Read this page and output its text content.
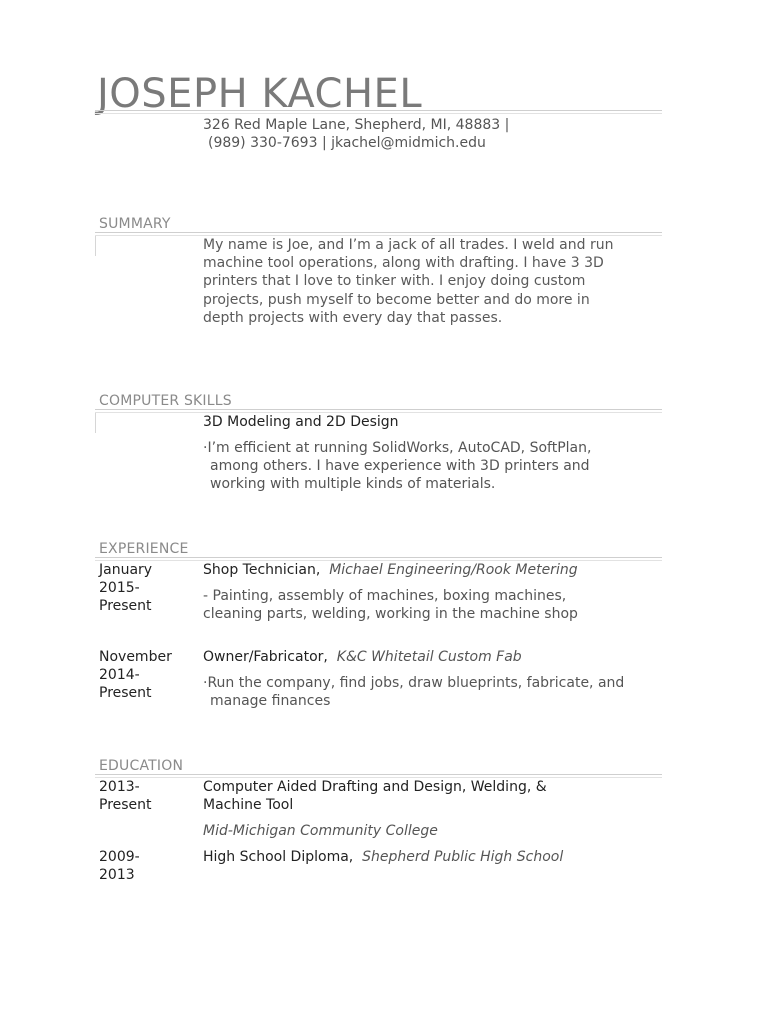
JOSEPH KACHEL
326 Red Maple Lane, Shepherd, MI, 48883 |
(989) 330-7693 | jkachel@midmich.edu
SUMMARY
My name is Joe, and I’m a jack of all trades. I weld and run machine tool operations, along with drafting. I have 3 3D printers that I love to tinker with. I enjoy doing custom projects, push myself to become better and do more in depth projects with every day that passes.
COMPUTER SKILLS
3D Modeling and 2D Design
·I’m efficient at running SolidWorks, AutoCAD, SoftPlan, among others. I have experience with 3D printers and working with multiple kinds of materials.
EXPERIENCE
January
2015-
Present
Shop Technician, Michael Engineering/Rook Metering
- Painting, assembly of machines, boxing machines, cleaning parts, welding, working in the machine shop
November
2014-
Present
Owner/Fabricator, K&C Whitetail Custom Fab
·Run the company, find jobs, draw blueprints, fabricate, and manage finances
EDUCATION
2013-
Present
Computer Aided Drafting and Design, Welding, & Machine Tool
Mid-Michigan Community College
2009-
2013
High School Diploma, Shepherd Public High School
